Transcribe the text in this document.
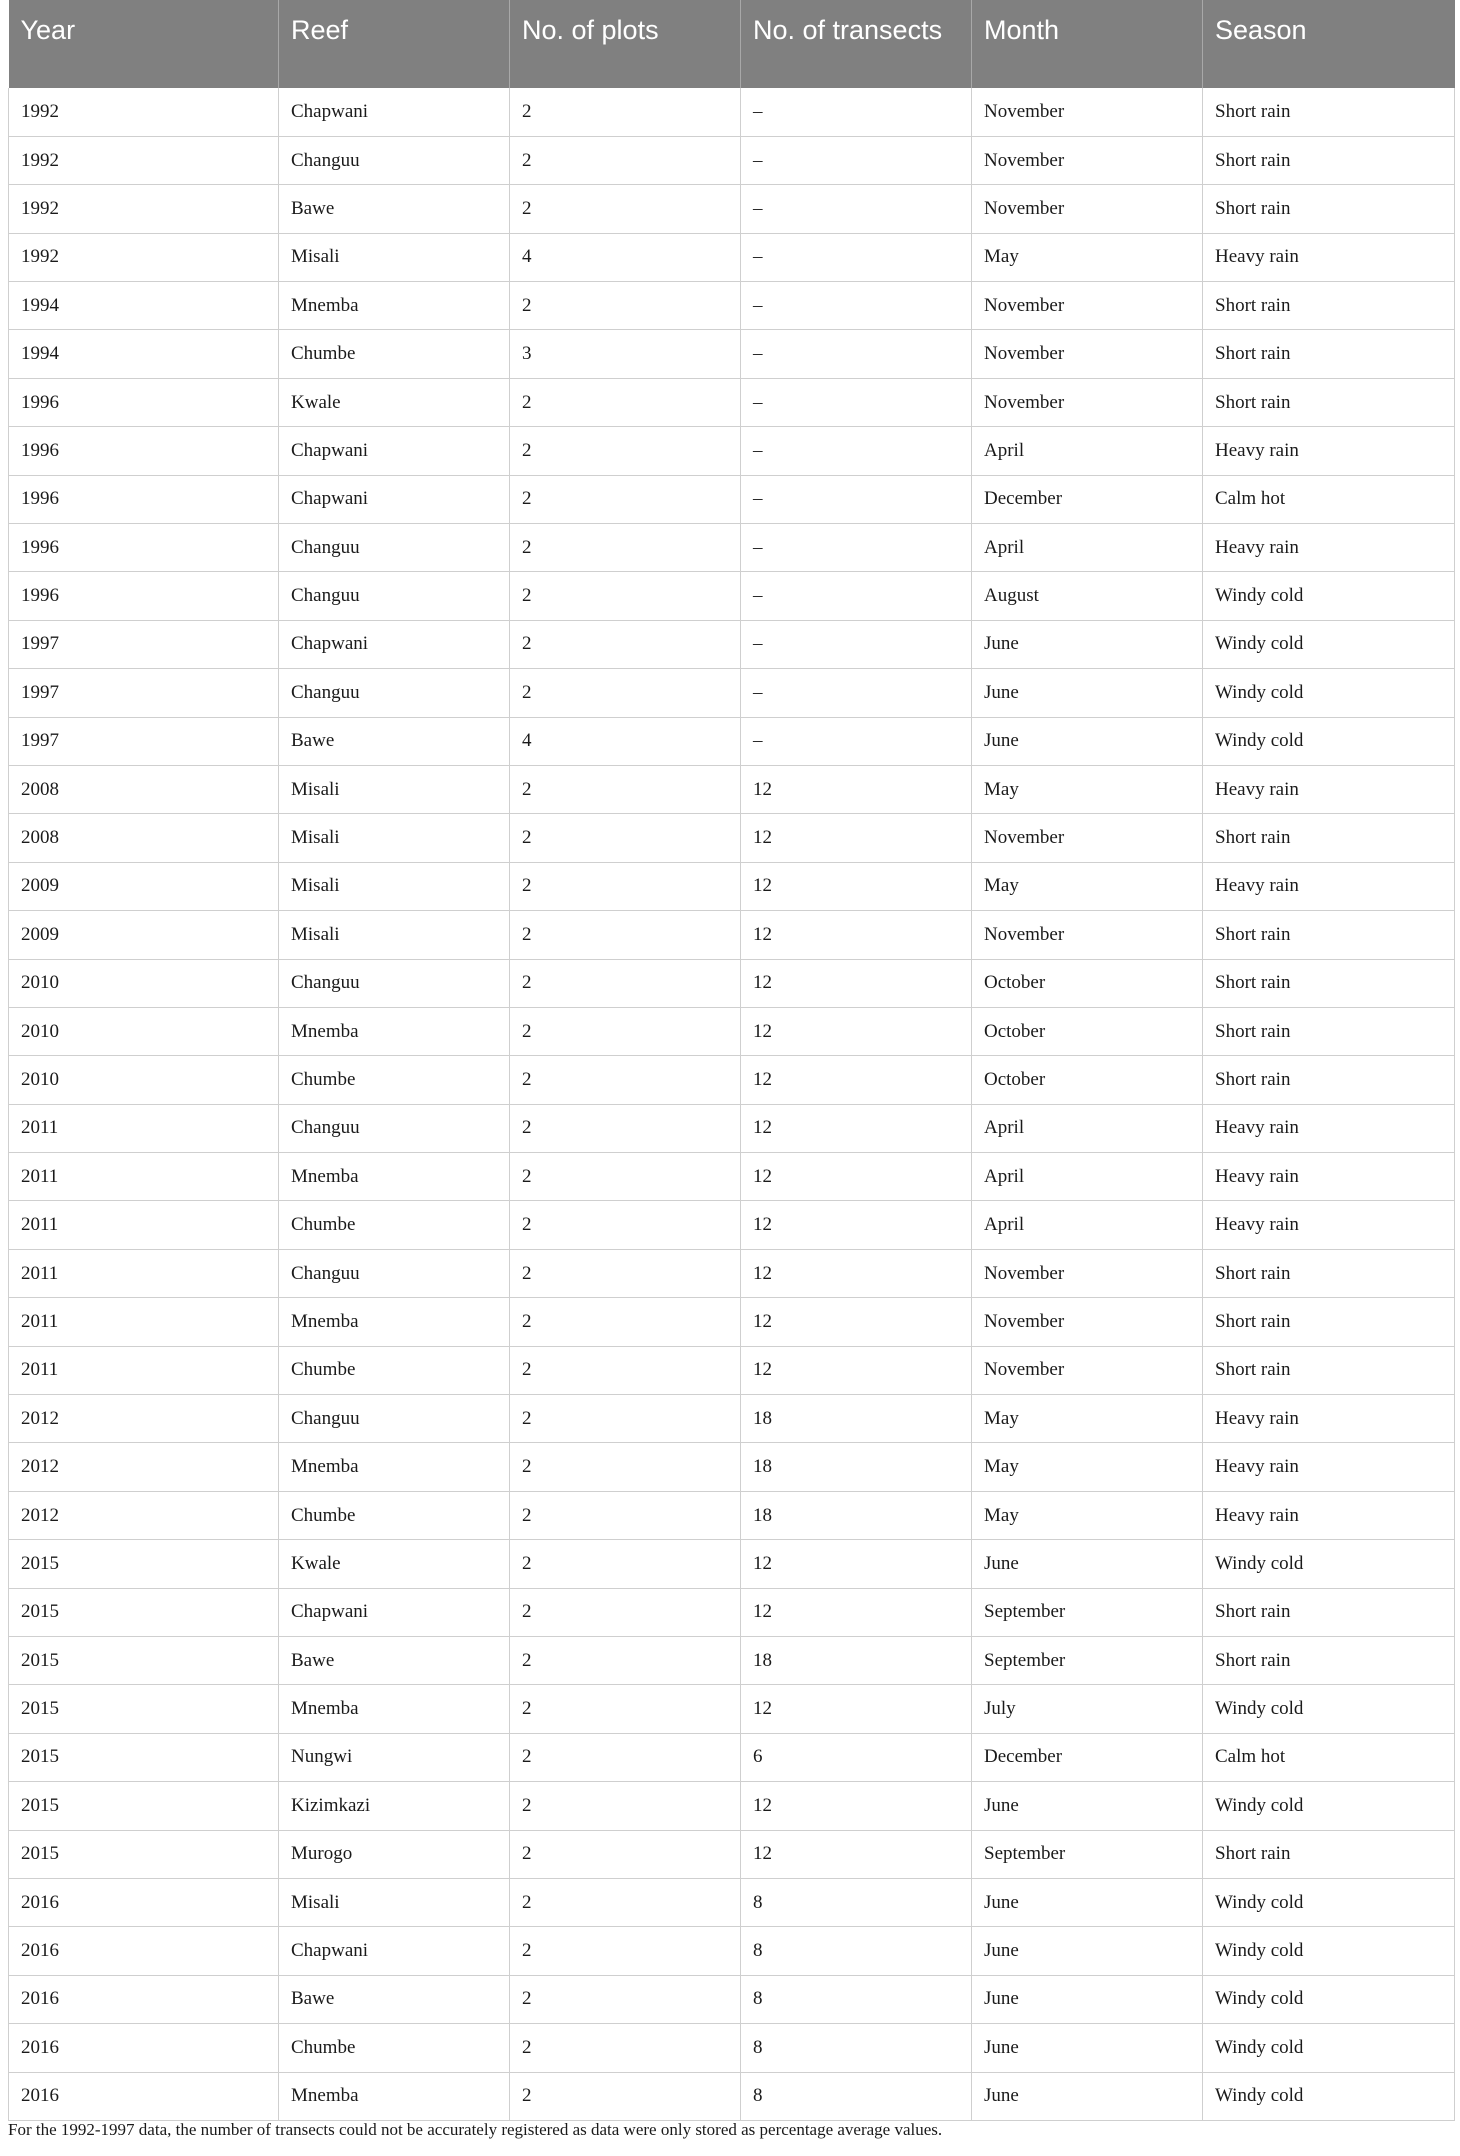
Year	Reef	No. of plots	No. of transects	Month	Season
1992	Chapwani	2	–	November	Short rain
1992	Changuu	2	–	November	Short rain
1992	Bawe	2	–	November	Short rain
1992	Misali	4	–	May	Heavy rain
1994	Mnemba	2	–	November	Short rain
1994	Chumbe	3	–	November	Short rain
1996	Kwale	2	–	November	Short rain
1996	Chapwani	2	–	April	Heavy rain
1996	Chapwani	2	–	December	Calm hot
1996	Changuu	2	–	April	Heavy rain
1996	Changuu	2	–	August	Windy cold
1997	Chapwani	2	–	June	Windy cold
1997	Changuu	2	–	June	Windy cold
1997	Bawe	4	–	June	Windy cold
2008	Misali	2	12	May	Heavy rain
2008	Misali	2	12	November	Short rain
2009	Misali	2	12	May	Heavy rain
2009	Misali	2	12	November	Short rain
2010	Changuu	2	12	October	Short rain
2010	Mnemba	2	12	October	Short rain
2010	Chumbe	2	12	October	Short rain
2011	Changuu	2	12	April	Heavy rain
2011	Mnemba	2	12	April	Heavy rain
2011	Chumbe	2	12	April	Heavy rain
2011	Changuu	2	12	November	Short rain
2011	Mnemba	2	12	November	Short rain
2011	Chumbe	2	12	November	Short rain
2012	Changuu	2	18	May	Heavy rain
2012	Mnemba	2	18	May	Heavy rain
2012	Chumbe	2	18	May	Heavy rain
2015	Kwale	2	12	June	Windy cold
2015	Chapwani	2	12	September	Short rain
2015	Bawe	2	18	September	Short rain
2015	Mnemba	2	12	July	Windy cold
2015	Nungwi	2	6	December	Calm hot
2015	Kizimkazi	2	12	June	Windy cold
2015	Murogo	2	12	September	Short rain
2016	Misali	2	8	June	Windy cold
2016	Chapwani	2	8	June	Windy cold
2016	Bawe	2	8	June	Windy cold
2016	Chumbe	2	8	June	Windy cold
2016	Mnemba	2	8	June	Windy cold
For the 1992-1997 data, the number of transects could not be accurately registered as data were only stored as percentage average values.
